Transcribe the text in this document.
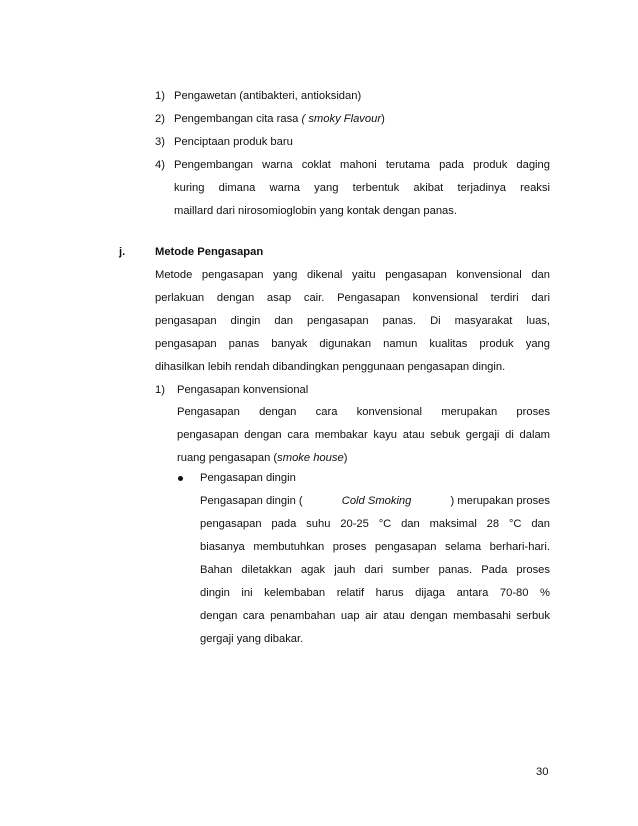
1) Pengawetan (antibakteri, antioksidan)
2) Pengembangan cita rasa ( smoky Flavour)
3) Penciptaan produk baru
4) Pengembangan warna coklat mahoni terutama pada produk daging
kuring dimana warna yang terbentuk akibat terjadinya reaksi
maillard dari nirosomioglobin yang kontak dengan panas.
j.	Metode Pengasapan
Metode pengasapan yang dikenal yaitu pengasapan konvensional dan
perlakuan dengan asap cair. Pengasapan konvensional terdiri dari
pengasapan dingin dan pengasapan panas. Di masyarakat luas,
pengasapan panas banyak digunakan namun kualitas produk yang
dihasilkan lebih rendah dibandingkan penggunaan pengasapan dingin.
1) Pengasapan konvensional
Pengasapan dengan cara konvensional merupakan proses
pengasapan dengan cara membakar kayu atau sebuk gergaji di dalam
ruang pengasapan (smoke house)
Pengasapan dingin
Pengasapan dingin (	Cold Smoking	) merupakan proses
pengasapan pada suhu 20-25 °C dan maksimal 28 °C dan
biasanya membutuhkan proses pengasapan selama berhari-hari.
Bahan diletakkan agak jauh dari sumber panas. Pada proses
dingin ini kelembaban relatif harus dijaga antara 70-80 %
dengan cara penambahan uap air atau dengan membasahi serbuk
gergaji yang dibakar.
30
